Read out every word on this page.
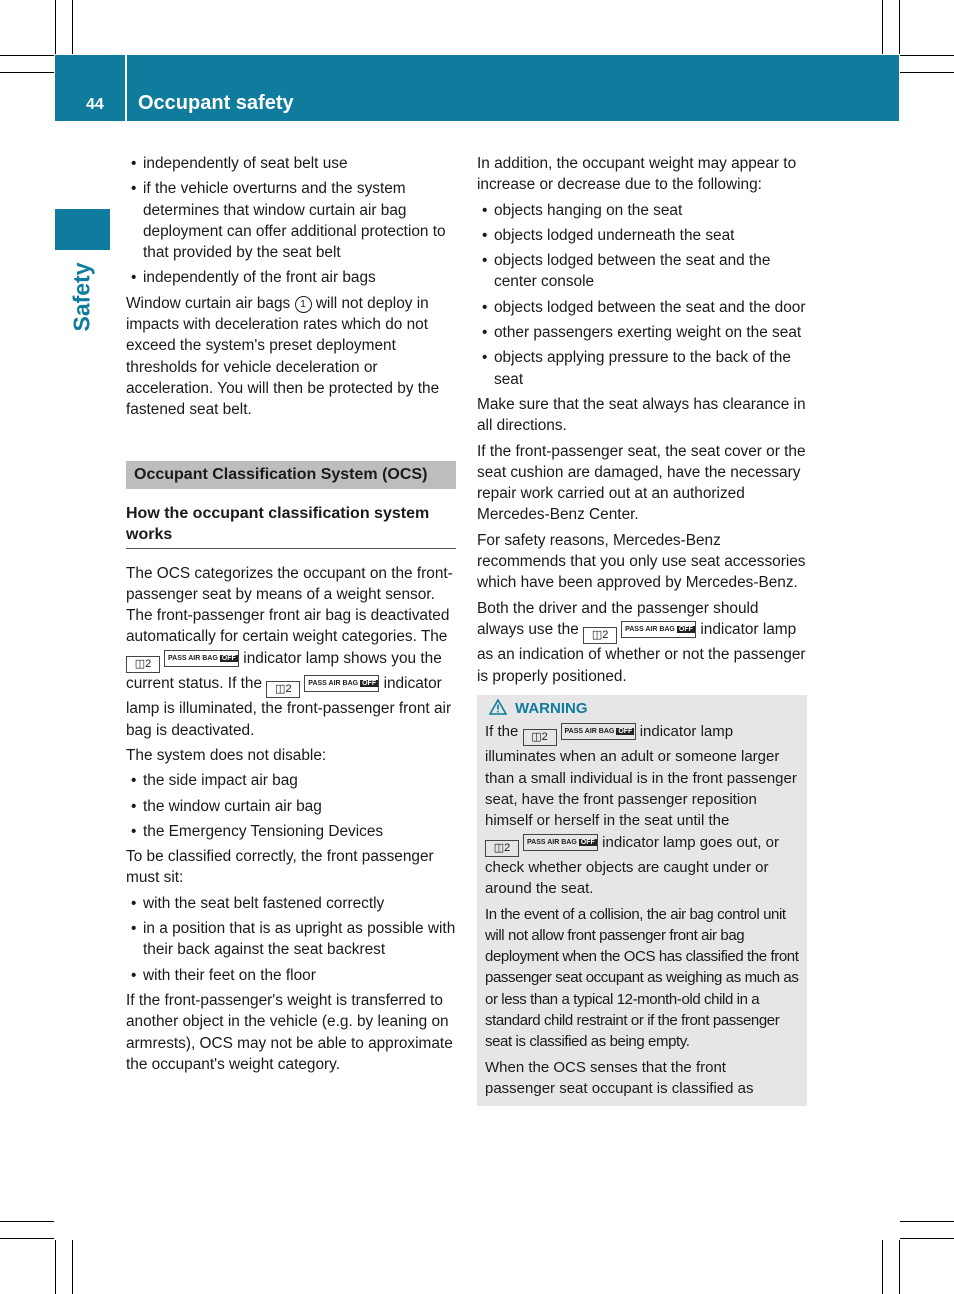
44 Occupant safety
Safety
• independently of seat belt use
• if the vehicle overturns and the system determines that window curtain air bag deployment can offer additional protection to that provided by the seat belt
• independently of the front air bags

Window curtain air bags 1 will not deploy in impacts with deceleration rates which do not exceed the system's preset deployment thresholds for vehicle deceleration or acceleration. You will then be protected by the fastened seat belt.

Occupant Classification System (OCS)
How the occupant classification system works

The OCS categorizes the occupant on the front-passenger seat by means of a weight sensor. The front-passenger front air bag is deactivated automatically for certain weight categories. The ◫2 PASS AIR BAG OFF indicator lamp shows you the current status. If the ◫2 PASS AIR BAG OFF indicator lamp is illuminated, the front-passenger front air bag is deactivated.

The system does not disable:

• the side impact air bag
• the window curtain air bag
• the Emergency Tensioning Devices

To be classified correctly, the front passenger must sit:

• with the seat belt fastened correctly
• in a position that is as upright as possible with their back against the seat backrest
• with their feet on the floor

If the front-passenger's weight is transferred to another object in the vehicle (e.g. by leaning on armrests), OCS may not be able to approximate the occupant's weight category.

In addition, the occupant weight may appear to increase or decrease due to the following:

• objects hanging on the seat
• objects lodged underneath the seat
• objects lodged between the seat and the center console
• objects lodged between the seat and the door
• other passengers exerting weight on the seat
• objects applying pressure to the back of the seat

Make sure that the seat always has clearance in all directions.

If the front-passenger seat, the seat cover or the seat cushion are damaged, have the necessary repair work carried out at an authorized Mercedes-Benz Center.

For safety reasons, Mercedes-Benz recommends that you only use seat accessories which have been approved by Mercedes-Benz.

Both the driver and the passenger should always use the ◫2 PASS AIR BAG OFF indicator lamp as an indication of whether or not the passenger is properly positioned.

WARNING

If the ◫2 PASS AIR BAG OFF indicator lamp illuminates when an adult or someone larger than a small individual is in the front passenger seat, have the front passenger reposition himself or herself in the seat until the ◫2 PASS AIR BAG OFF indicator lamp goes out, or check whether objects are caught under or around the seat.

In the event of a collision, the air bag control unit will not allow front passenger front air bag deployment when the OCS has classified the front passenger seat occupant as weighing as much as or less than a typical 12-month-old child in a standard child restraint or if the front passenger seat is classified as being empty.

When the OCS senses that the front passenger seat occupant is classified as
